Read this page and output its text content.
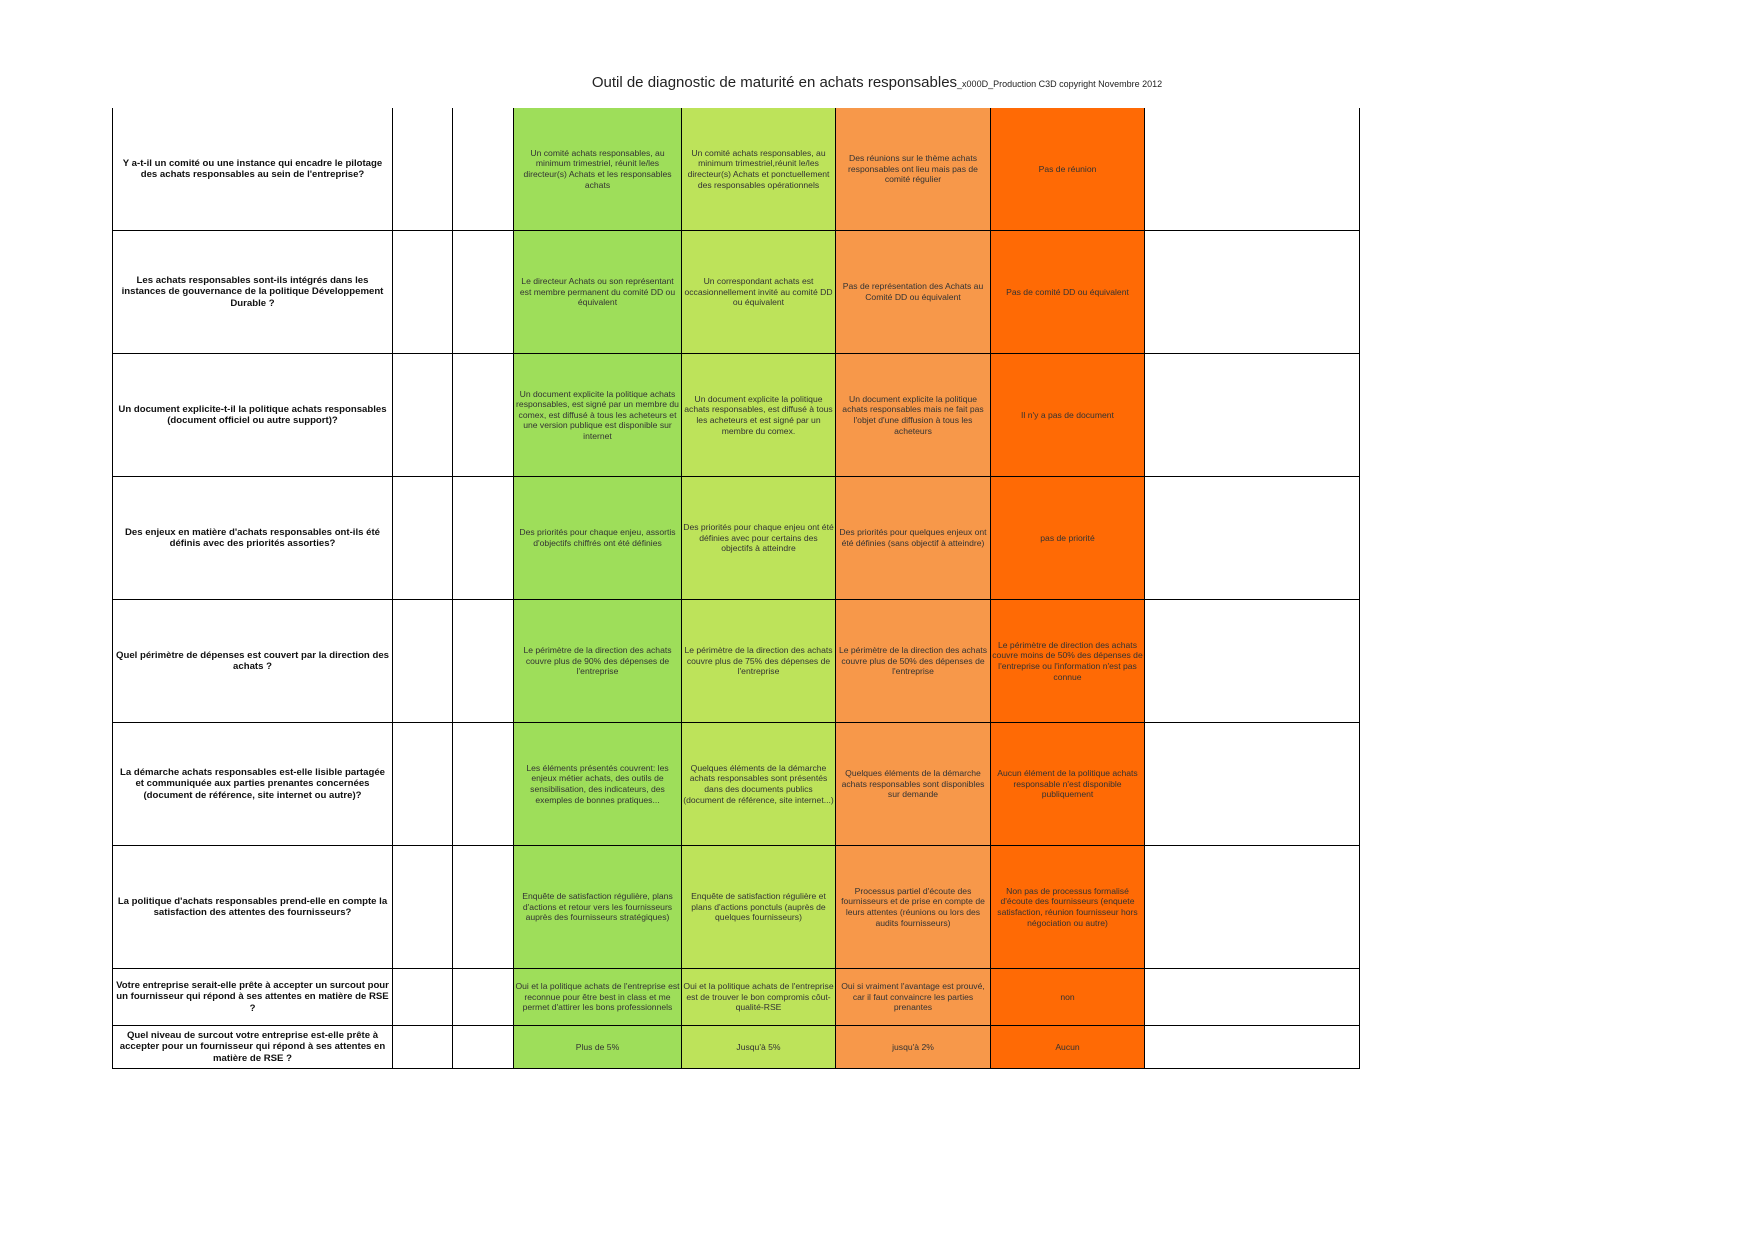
Outil de diagnostic de maturité en achats responsables_x000D_Production C3D copyright Novembre 2012
Y a-t-il un comité ou une instance qui encadre le pilotage des achats responsables au sein de l'entreprise?			Un comité achats responsables, au minimum trimestriel, réunit le/les directeur(s) Achats et les responsables achats	Un comité achats responsables, au minimum trimestriel,réunit le/les directeur(s) Achats et ponctuellement des responsables opérationnels	Des réunions sur le thème achats responsables ont lieu mais pas de comité régulier	Pas de réunion	
Les achats responsables sont-ils intégrés dans les instances de gouvernance de la politique Développement Durable ?			Le directeur Achats ou son représentant est membre permanent du comité DD ou équivalent	Un correspondant achats est occasionnellement invité au comité DD ou équivalent	Pas de représentation des Achats au Comité DD ou équivalent	Pas de comité DD ou équivalent	
Un document explicite-t-il la politique achats responsables (document officiel ou autre support)?			Un document explicite la politique achats responsables, est signé par un membre du comex, est diffusé à tous les acheteurs et une version publique est disponible sur internet	Un document explicite la politique achats responsables, est diffusé à tous les acheteurs et est signé par un membre du comex.	Un document explicite la politique achats responsables mais ne fait pas l'objet d'une diffusion à tous les acheteurs	Il n'y a pas de document	
Des enjeux en matière d'achats responsables ont-ils été définis avec des priorités assorties?			Des priorités pour chaque enjeu, assortis d'objectifs chiffrés ont été définies	Des priorités pour chaque enjeu ont été définies avec pour certains des objectifs à atteindre	Des priorités pour quelques enjeux ont été définies (sans objectif à atteindre)	pas de priorité	
Quel périmètre de dépenses est couvert par la direction des achats ?			Le périmètre de la direction des achats couvre plus de 90% des dépenses de l'entreprise	Le périmètre de la direction des achats couvre plus de 75% des dépenses de l'entreprise	Le périmètre de la direction des achats couvre plus de 50% des dépenses de l'entreprise	Le périmètre de direction des achats couvre moins de 50% des dépenses de l'entreprise ou l'information n'est pas connue	
La démarche achats responsables est-elle lisible partagée et communiquée aux parties prenantes concernées (document de référence, site internet ou autre)?			Les éléments présentés couvrent: les enjeux métier achats, des outils de sensibilisation, des indicateurs, des exemples de bonnes pratiques...	Quelques éléments de la démarche achats responsables sont présentés dans des documents publics (document de référence, site internet...)	Quelques éléments de la démarche achats responsables sont disponibles sur demande	Aucun élément de la politique achats responsable n'est disponible publiquement	
La politique d'achats responsables prend-elle en compte la satisfaction des attentes des fournisseurs?			Enquête de satisfaction régulière, plans d'actions et retour vers les fournisseurs auprès des fournisseurs stratégiques)	Enquête de satisfaction régulière et plans d'actions ponctuls (auprès de quelques fournisseurs)	Processus partiel d'écoute des fournisseurs et de prise en compte de leurs attentes (réunions ou lors des audits fournisseurs)	Non pas de processus formalisé d'écoute des fournisseurs (enquete satisfaction, réunion fournisseur hors négociation ou autre)	
Votre entreprise serait-elle prête à accepter un surcout pour un fournisseur qui répond à ses attentes en matière de RSE ?			Oui et la politique achats de l'entreprise est reconnue pour être best in class et me permet d'attirer les bons professionnels	Oui et la politique achats de l'entreprise est de trouver le bon compromis côut-qualité-RSE	Oui si vraiment l'avantage est prouvé, car il faut convaincre les parties prenantes	non	
Quel niveau de surcout votre entreprise est-elle prête à accepter pour un fournisseur qui répond à ses attentes en matière de RSE ?			Plus de 5%	Jusqu'à 5%	jusqu'à 2%	Aucun	
